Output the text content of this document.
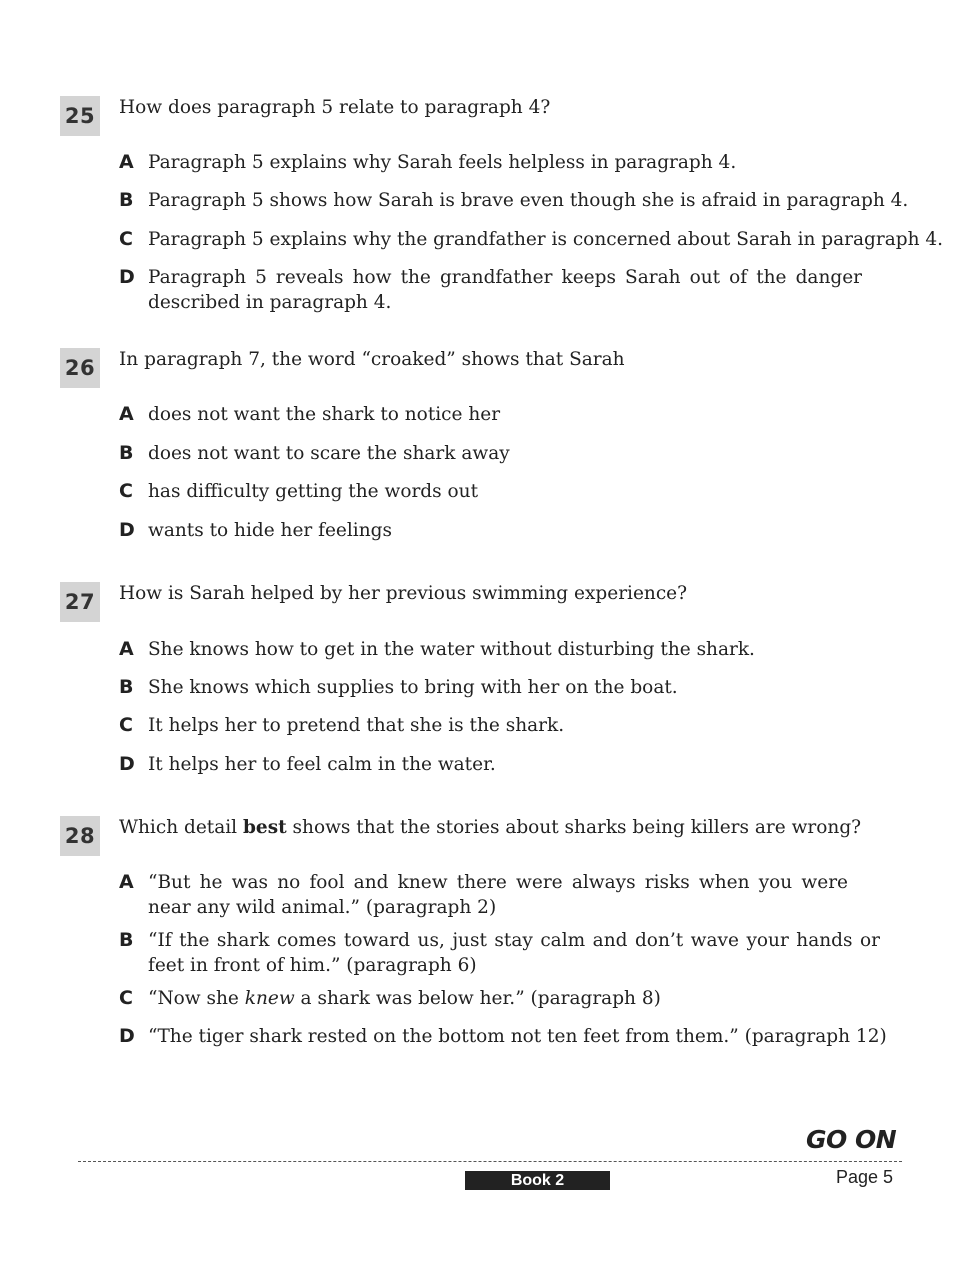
25 How does paragraph 5 relate to paragraph 4?
A Paragraph 5 explains why Sarah feels helpless in paragraph 4.
B Paragraph 5 shows how Sarah is brave even though she is afraid in paragraph 4.
C Paragraph 5 explains why the grandfather is concerned about Sarah in paragraph 4.
D Paragraph 5 reveals how the grandfather keeps Sarah out of the danger described in paragraph 4.
26 In paragraph 7, the word “croaked” shows that Sarah
A does not want the shark to notice her
B does not want to scare the shark away
C has difficulty getting the words out
D wants to hide her feelings
27 How is Sarah helped by her previous swimming experience?
A She knows how to get in the water without disturbing the shark.
B She knows which supplies to bring with her on the boat.
C It helps her to pretend that she is the shark.
D It helps her to feel calm in the water.
28 Which detail best shows that the stories about sharks being killers are wrong?
A “But he was no fool and knew there were always risks when you were near any wild animal.” (paragraph 2)
B “If the shark comes toward us, just stay calm and don’t wave your hands or feet in front of him.” (paragraph 6)
C “Now she knew a shark was below her.” (paragraph 8)
D “The tiger shark rested on the bottom not ten feet from them.” (paragraph 12)
GO ON
Book 2	Page 5
